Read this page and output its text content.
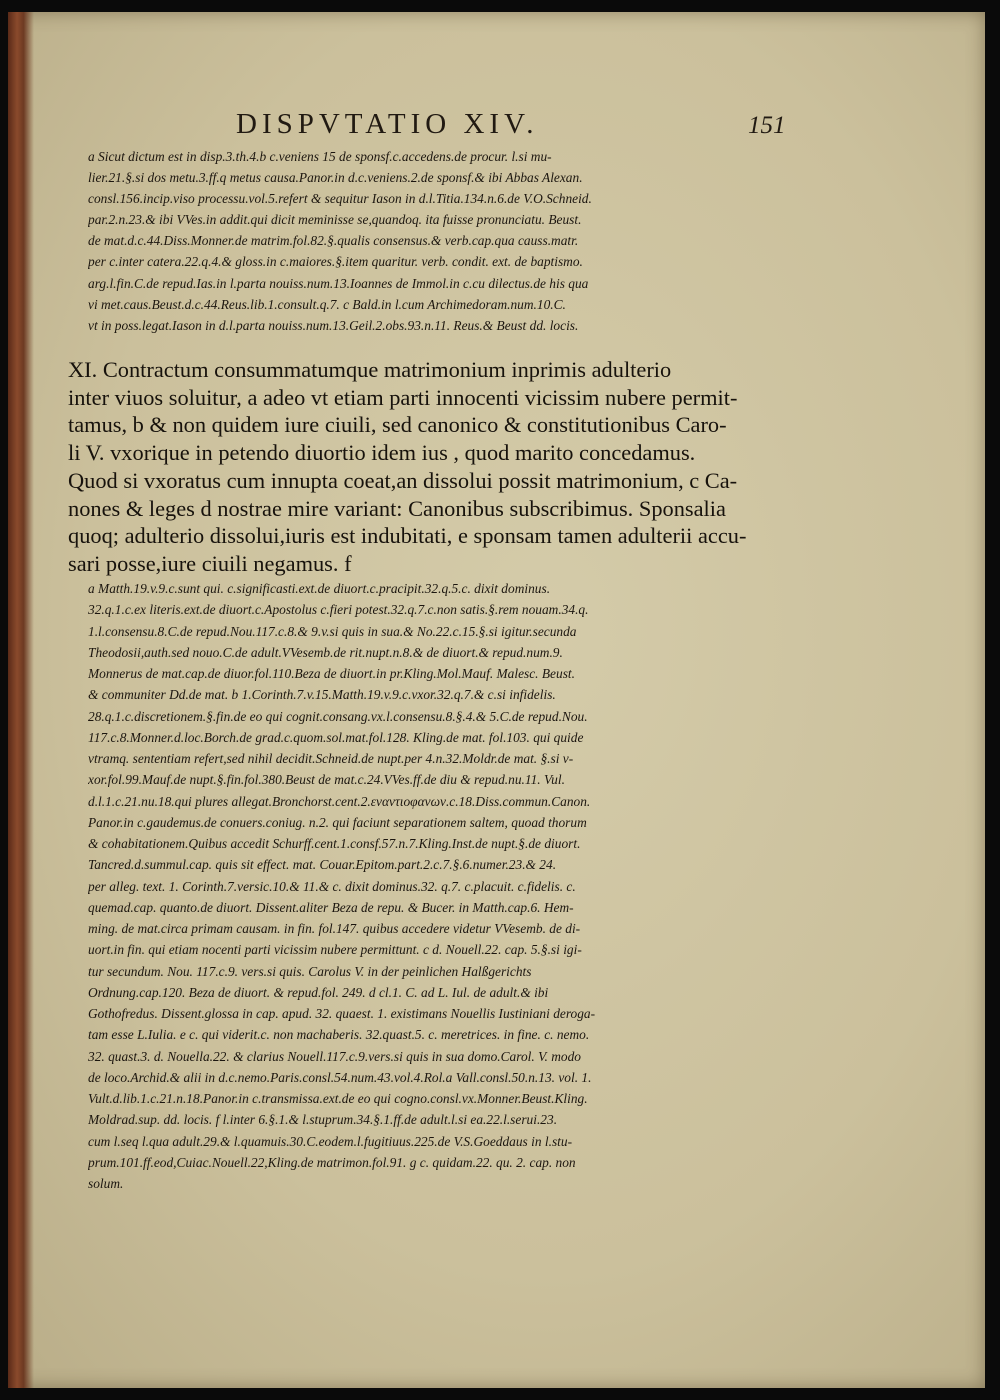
DISPVTATIO XIV.	151
a Sicut dictum est in disp.3.th.4.b c.veniens 15 de sponsf.c.accedens.de procur. l.si mu-
lier.21.§.si dos metu.3.ff.q metus causa.Panor.in d.c.veniens.2.de sponsf.& ibi Abbas Alexan.
consl.156.incip.viso processu.vol.5.refert & sequitur Iason in d.l.Titia.134.n.6.de V.O.Schneid.
par.2.n.23.& ibi VVes.in addit.qui dicit meminisse se,quandoq. ita fuisse pronunciatu. Beust.
de mat.d.c.44.Diss.Monner.de matrim.fol.82.§.qualis consensus.& verb.cap.qua causs.matr.
per c.inter catera.22.q.4.& gloss.in c.maiores.§.item quaritur. verb. condit. ext. de baptismo.
arg.l.fin.C.de repud.Ias.in l.parta nouiss.num.13.Ioannes de Immol.in c.cu dilectus.de his qua
vi met.caus.Beust.d.c.44.Reus.lib.1.consult.q.7. c Bald.in l.cum Archimedoram.num.10.C.
vt in poss.legat.Iason in d.l.parta nouiss.num.13.Geil.2.obs.93.n.11. Reus.& Beust dd. locis.
XI. Contractum consummatumque matrimonium inprimis adulterio
inter viuos soluitur, a adeo vt etiam parti innocenti vicissim nubere permit-
tamus, b & non quidem iure ciuili, sed canonico & constitutionibus Caro-
li V. vxorique in petendo diuortio idem ius , quod marito concedamus.
Quod si vxoratus cum innupta coeat,an dissolui possit matrimonium, c Ca-
nones & leges d nostrae mire variant: Canonibus subscribimus. Sponsalia
quoq; adulterio dissolui,iuris est indubitati, e sponsam tamen adulterii accu-
sari posse,iure ciuili negamus. f
a Matth.19.v.9.c.sunt qui. c.significasti.ext.de diuort.c.pracipit.32.q.5.c. dixit dominus.
32.q.1.c.ex literis.ext.de diuort.c.Apostolus c.fieri potest.32.q.7.c.non satis.§.rem nouam.34.q.
1.l.consensu.8.C.de repud.Nou.117.c.8.& 9.v.si quis in sua.& No.22.c.15.§.si igitur.secunda
Theodosii,auth.sed nouo.C.de adult.VVesemb.de rit.nupt.n.8.& de diuort.& repud.num.9.
Monnerus de mat.cap.de diuor.fol.110.Beza de diuort.in pr.Kling.Mol.Mauf. Malesc. Beust.
& communiter Dd.de mat. b 1.Corinth.7.v.15.Matth.19.v.9.c.vxor.32.q.7.& c.si infidelis.
28.q.1.c.discretionem.§.fin.de eo qui cognit.consang.vx.l.consensu.8.§.4.& 5.C.de repud.Nou.
117.c.8.Monner.d.loc.Borch.de grad.c.quom.sol.mat.fol.128. Kling.de mat. fol.103. qui quide
vtramq. sententiam refert,sed nihil decidit.Schneid.de nupt.per 4.n.32.Moldr.de mat. §.si v-
xor.fol.99.Mauf.de nupt.§.fin.fol.380.Beust de mat.c.24.VVes.ff.de diu & repud.nu.11. Vul.
d.l.1.c.21.nu.18.qui plures allegat.Bronchorst.cent.2.εναντιοφανων.c.18.Diss.commun.Canon.
Panor.in c.gaudemus.de conuers.coniug. n.2. qui faciunt separationem saltem, quoad thorum
& cohabitationem.Quibus accedit Schurff.cent.1.consf.57.n.7.Kling.Inst.de nupt.§.de diuort.
Tancred.d.summul.cap. quis sit effect. mat. Couar.Epitom.part.2.c.7.§.6.numer.23.& 24.
per alleg. text. 1. Corinth.7.versic.10.& 11.& c. dixit dominus.32. q.7. c.placuit. c.fidelis. c.
quemad.cap. quanto.de diuort. Dissent.aliter Beza de repu. & Bucer. in Matth.cap.6. Hem-
ming. de mat.circa primam causam. in fin. fol.147. quibus accedere videtur VVesemb. de di-
uort.in fin. qui etiam nocenti parti vicissim nubere permittunt. c d. Nouell.22. cap. 5.§.si igi-
tur secundum. Nou. 117.c.9. vers.si quis. Carolus V. in der peinlichen Halßgerichts
Ordnung.cap.120. Beza de diuort. & repud.fol. 249. d cl.1. C. ad L. Iul. de adult.& ibi
Gothofredus. Dissent.glossa in cap. apud. 32. quaest. 1. existimans Nouellis Iustiniani deroga-
tam esse L.Iulia. e c. qui viderit.c. non machaberis. 32.quast.5. c. meretrices. in fine. c. nemo.
32. quast.3. d. Nouella.22. & clarius Nouell.117.c.9.vers.si quis in sua domo.Carol. V. modo
de loco.Archid.& alii in d.c.nemo.Paris.consl.54.num.43.vol.4.Rol.a Vall.consl.50.n.13. vol. 1.
Vult.d.lib.1.c.21.n.18.Panor.in c.transmissa.ext.de eo qui cogno.consl.vx.Monner.Beust.Kling.
Moldrad.sup. dd. locis. f l.inter 6.§.1.& l.stuprum.34.§.1.ff.de adult.l.si ea.22.l.serui.23.
cum l.seq l.qua adult.29.& l.quamuis.30.C.eodem.l.fugitiuus.225.de V.S.Goeddaus in l.stu-
prum.101.ff.eod,Cuiac.Nouell.22,Kling.de matrimon.fol.91. g c. quidam.22. qu. 2. cap. non
solum.
